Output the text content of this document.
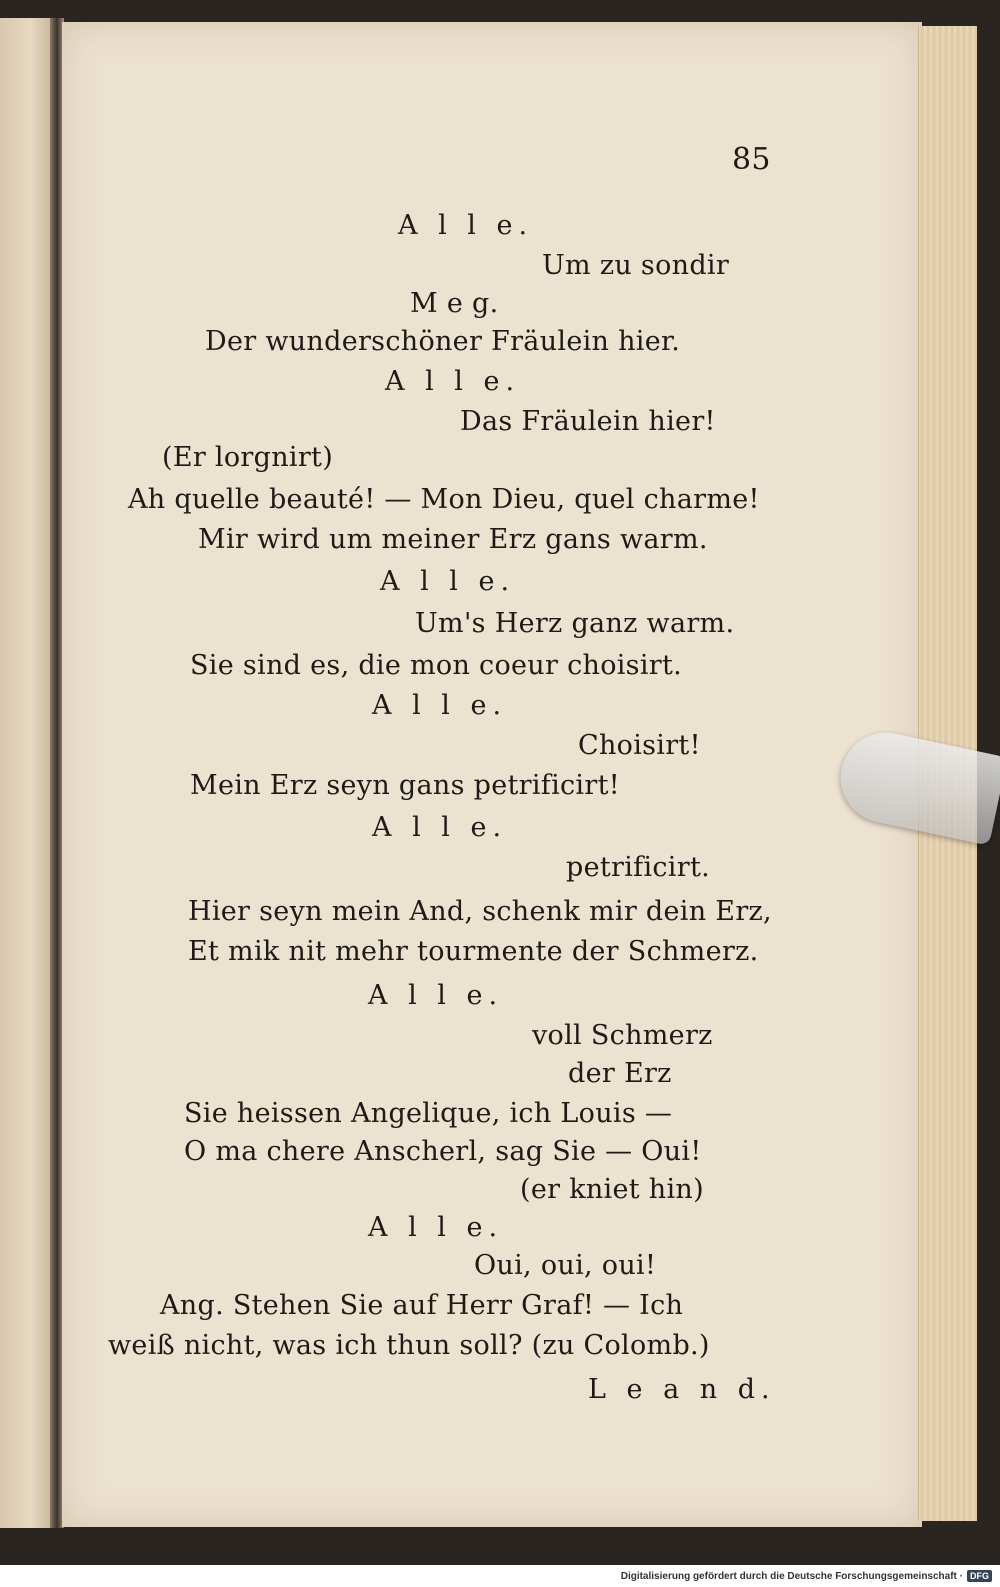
85
A l l e.
Um zu sondir
M e g.
Der wunderschöner Fräulein hier.
A l l e.
Das Fräulein hier!
(Er lorgnirt)
Ah quelle beauté! — Mon Dieu, quel charme!
Mir wird um meiner Erz gans warm.
A l l e.
Um's Herz ganz warm.
Sie sind es, die mon coeur choisirt.
A l l e.
Choisirt!
Mein Erz seyn gans petrificirt!
A l l e.
petrificirt.
Hier seyn mein And, schenk mir dein Erz,
Et mik nit mehr tourmente der Schmerz.
A l l e.
voll Schmerz
der Erz
Sie heissen Angelique, ich Louis —
O ma chere Anscherl, sag Sie — Oui!
(er kniet hin)
A l l e.
Oui, oui, oui!
Ang. Stehen Sie auf Herr Graf! — Ich
weiß nicht, was ich thun soll? (zu Colomb.)
L e a n d.
Digitalisierung gefördert durch die Deutsche Forschungsgemeinschaft · DFG
